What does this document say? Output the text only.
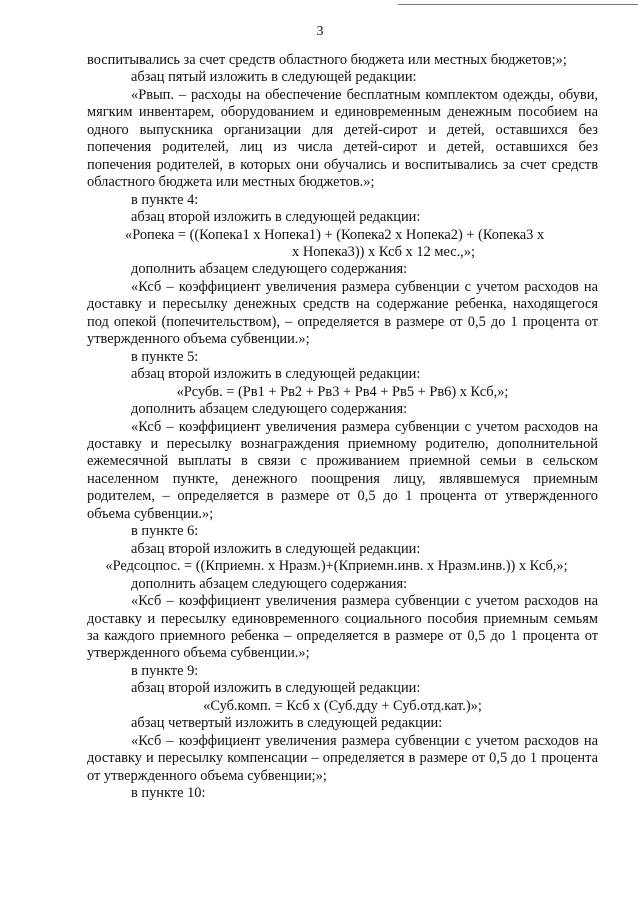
3

воспитывались за счет средств областного бюджета или местных бюджетов;»;

абзац пятый изложить в следующей редакции:

«Рвып. – расходы на обеспечение бесплатным комплектом одежды, обуви, мягким инвентарем, оборудованием и единовременным денежным пособием на одного выпускника организации для детей-сирот и детей, оставшихся без попечения родителей, лиц из числа детей-сирот и детей, оставшихся без попечения родителей, в которых они обучались и воспитывались за счет средств областного бюджета или местных бюджетов.»;

в пункте 4:

абзац второй изложить в следующей редакции:

«Ропека = ((Копека1 х Нопека1) + (Копека2 х Нопека2) + (Копека3 х

х Нопека3)) х Ксб х 12 мес.,»;

дополнить абзацем следующего содержания:

«Ксб – коэффициент увеличения размера субвенции с учетом расходов на доставку и пересылку денежных средств на содержание ребенка, находящегося под опекой (попечительством), – определяется в размере от 0,5 до 1 процента от утвержденного объема субвенции.»;

в пункте 5:

абзац второй изложить в следующей редакции:

«Рсубв. = (Рв1 + Рв2 + Рв3 + Рв4 + Рв5 + Рв6) х Ксб,»;

дополнить абзацем следующего содержания:

«Ксб – коэффициент увеличения размера субвенции с учетом расходов на доставку и пересылку вознаграждения приемному родителю, дополнительной ежемесячной выплаты в связи с проживанием приемной семьи в сельском населенном пункте, денежного поощрения лицу, являвшемуся приемным родителем, – определяется в размере от 0,5 до 1 процента от утвержденного объема субвенции.»;

в пункте 6:

абзац второй изложить в следующей редакции:

«Редсоцпос. = ((Кприемн. х Нразм.)+(Кприемн.инв. х Нразм.инв.)) х Ксб,»;

дополнить абзацем следующего содержания:

«Ксб – коэффициент увеличения размера субвенции с учетом расходов на доставку и пересылку единовременного социального пособия приемным семьям за каждого приемного ребенка – определяется в размере от 0,5 до 1 процента от утвержденного объема субвенции.»;

в пункте 9:

абзац второй изложить в следующей редакции:

«Суб.комп. = Ксб х (Суб.дду + Суб.отд.кат.)»;

абзац четвертый изложить в следующей редакции:

«Ксб – коэффициент увеличения размера субвенции с учетом расходов на доставку и пересылку компенсации – определяется в размере от 0,5 до 1 процента от утвержденного объема субвенции;»;

в пункте 10:
